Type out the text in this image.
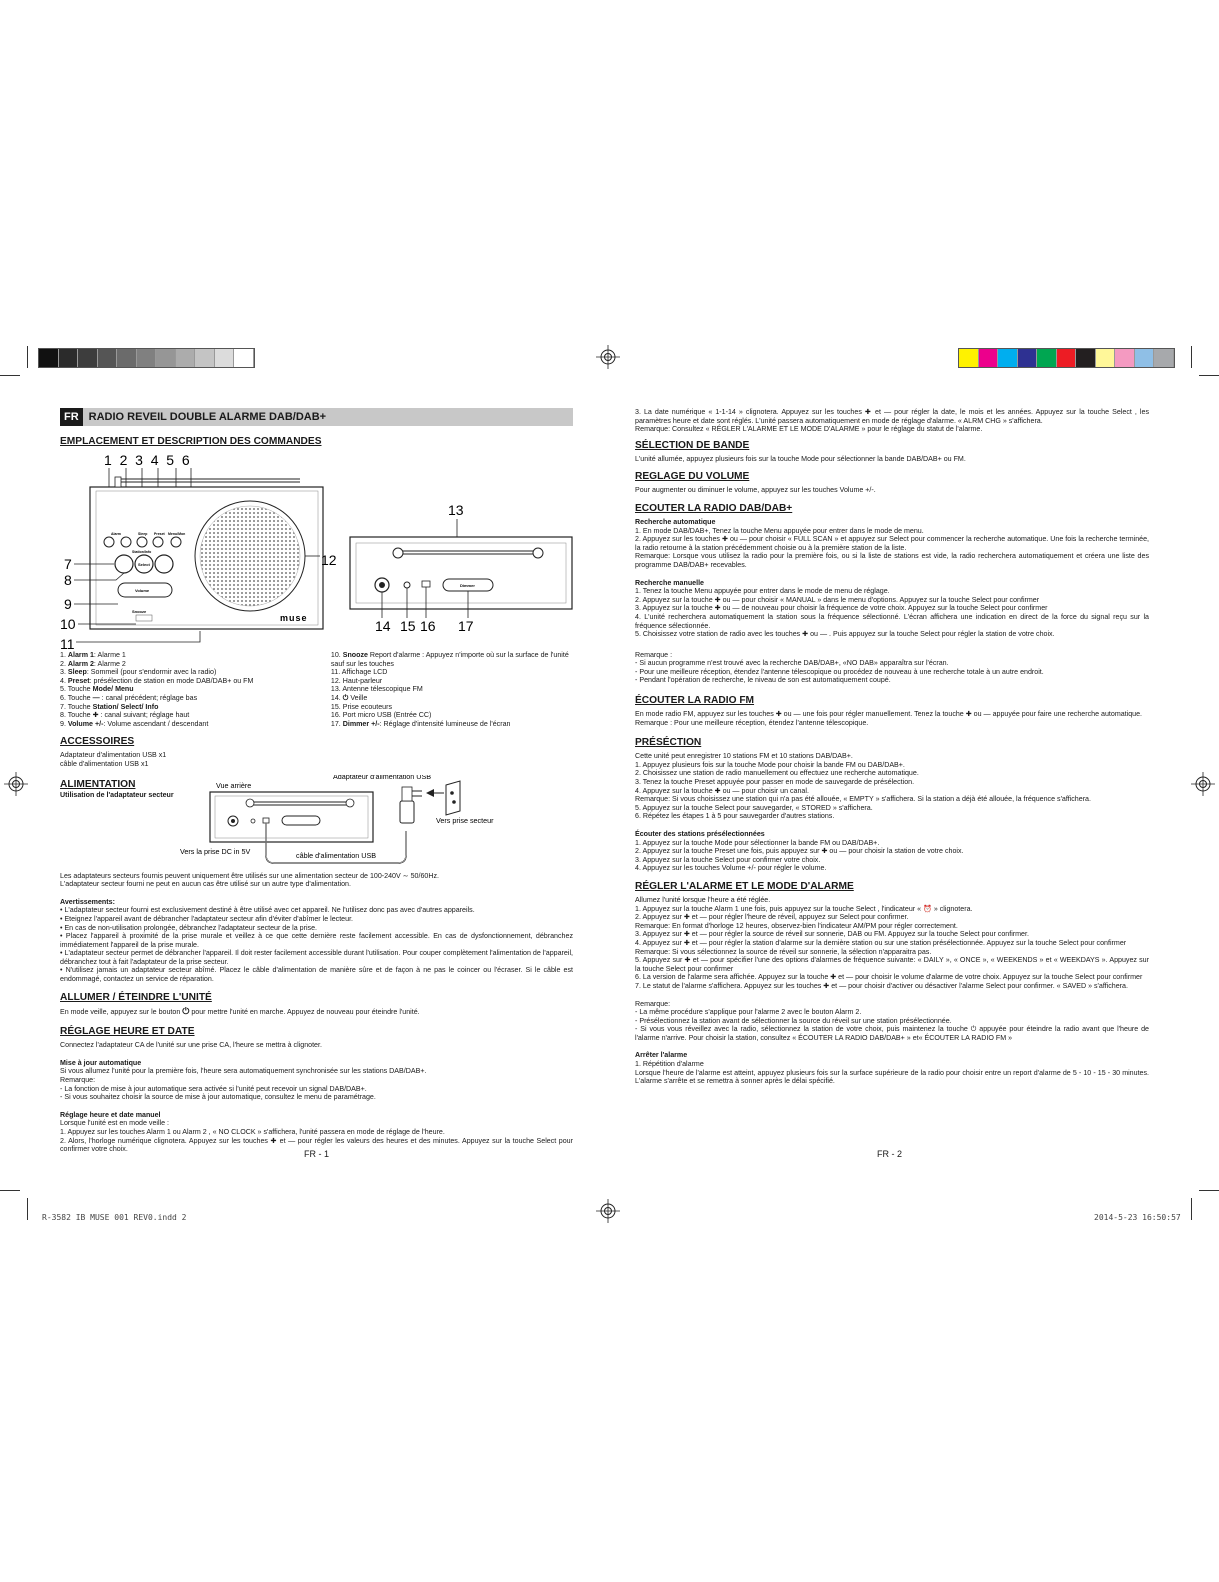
R-3582 IB MUSE 001 REV0.indd 2	2014-5-23 16:50:57
FR RADIO REVEIL DOUBLE ALARME DAB/DAB+
EMPLACEMENT ET DESCRIPTION DES COMMANDES
1  2  3  4  5  6
Alarm	Sleep Preset Menu/Mon
Station/Info
Select
Volume
Snooze
muse
7
8
9
10
11
12
13
Dimmer
14 15 16 17

1. Alarm 1: Alarme 1

2. Alarm 2: Alarme 2

3. Sleep: Sommeil (pour s'endormir avec la radio)

4. Preset: présélection de station en mode DAB/DAB+ ou FM

5. Touche Mode/ Menu

6. Touche — : canal précédent; réglage bas

7. Touche Station/ Select/ Info

8. Touche ✚ : canal suivant; réglage haut

9. Volume +/-: Volume ascendant / descendant

10. Snooze Report d'alarme : Appuyez n'importe où sur la surface de l'unité sauf sur les touches

11. Affichage LCD

12. Haut-parleur

13. Antenne télescopique FM

14. ⏻ Veille

15. Prise ecouteurs

16. Port micro USB (Entrée CC)

17. Dimmer +/-: Réglage d'intensité lumineuse de l'écran

ACCESSOIRES

Adaptateur d'alimentation USB x1

câble d'alimentation USB x1

ALIMENTATION
Utilisation de l'adaptateur secteur
Vue arrière
Adaptateur d'alimentation USB
Vers prise secteur
Vers la prise DC in 5V	câble d'alimentation USB

Les adaptateurs secteurs fournis peuvent uniquement être utilisés sur une alimentation secteur de 100-240V ∼ 50/60Hz.

L'adaptateur secteur fourni ne peut en aucun cas être utilisé sur un autre type d'alimentation.

Avertissements:

• L'adaptateur secteur fourni est exclusivement destiné à être utilisé avec cet appareil. Ne l'utilisez donc pas avec d'autres appareils.

• Eteignez l'appareil avant de débrancher l'adaptateur secteur afin d'éviter d'abîmer le lecteur.

• En cas de non-utilisation prolongée, débranchez l'adaptateur secteur de la prise.

• Placez l'appareil à proximité de la prise murale et veillez à ce que cette dernière reste facilement accessible. En cas de dysfonctionnement, débranchez immédiatement l'appareil de la prise murale.

• L'adaptateur secteur permet de débrancher l'appareil. Il doit rester facilement accessible durant l'utilisation. Pour couper complètement l'alimentation de l'appareil, débranchez tout à fait l'adaptateur de la prise secteur.

• N'utilisez jamais un adaptateur secteur abîmé. Placez le câble d'alimentation de manière sûre et de façon à ne pas le coincer ou l'écraser. Si le câble est endommagé, contactez un service de réparation.

ALLUMER / ÉTEINDRE L'UNITÉ

En mode veille, appuyez sur le bouton ⏻ pour mettre l'unité en marche. Appuyez de nouveau pour éteindre l'unité.

RÉGLAGE HEURE ET DATE

Connectez l'adaptateur CA de l'unité sur une prise CA, l'heure se mettra à clignoter.

Mise à jour automatique

Si vous allumez l'unité pour la première fois, l'heure sera automatiquement synchronisée sur les stations DAB/DAB+.

Remarque:

- La fonction de mise à jour automatique sera activée si l'unité peut recevoir un signal DAB/DAB+.

- Si vous souhaitez choisir la source de mise à jour automatique, consultez le menu de paramétrage.

Réglage heure et date manuel

Lorsque l'unité est en mode veille :

1. Appuyez sur les touches Alarm 1 ou Alarm 2 , « NO CLOCK » s'affichera, l'unité passera en mode de réglage de l'heure.

2. Alors, l'horloge numérique clignotera. Appuyez sur les touches ✚ et — pour régler les valeurs des heures et des minutes. Appuyez sur la touche Select pour confirmer votre choix.	FR - 1

3. La date numérique « 1-1-14 » clignotera. Appuyez sur les touches ✚ et — pour régler la date, le mois et les années. Appuyez sur la touche Select , les paramètres heure et date sont réglés. L'unité passera automatiquement en mode de réglage d'alarme. « ALRM CHG » s'affichera.

Remarque: Consultez « RÉGLER L'ALARME ET LE MODE D'ALARME » pour le réglage du statut de l'alarme.

SÉLECTION DE BANDE

L'unité allumée, appuyez plusieurs fois sur la touche Mode pour sélectionner la bande DAB/DAB+ ou FM.

REGLAGE DU VOLUME

Pour augmenter ou diminuer le volume, appuyez sur les touches Volume +/-.

ECOUTER LA RADIO DAB/DAB+
Recherche automatique

1. En mode DAB/DAB+, Tenez la touche Menu appuyée pour entrer dans le mode de menu.

2. Appuyez sur les touches ✚ ou — pour choisir « FULL SCAN » et appuyez sur Select pour commencer la recherche automatique. Une fois la recherche terminée, la radio retourne à la station précédemment choisie ou à la première station de la liste.

Remarque: Lorsque vous utilisez la radio pour la première fois, ou si la liste de stations est vide, la radio recherchera automatiquement et créera une liste des programme DAB/DAB+ recevables.

Recherche manuelle

1. Tenez la touche Menu appuyée pour entrer dans le mode de menu de réglage.

2. Appuyez sur la touche ✚ ou — pour choisir « MANUAL » dans le menu d'options. Appuyez sur la touche Select pour confirmer

3. Appuyez sur la touche ✚ ou — de nouveau pour choisir la fréquence de votre choix. Appuyez sur la touche Select pour confirmer

4. L'unité recherchera automatiquement la station sous la fréquence sélectionné. L'écran affichera une indication en direct de la force du signal reçu sur la fréquence sélectionnée.

5. Choisissez votre station de radio avec les touches ✚ ou — . Puis appuyez sur la touche Select pour régler la station de votre choix.

Remarque :

- Si aucun programme n'est trouvé avec la recherche DAB/DAB+, «NO DAB» apparaîtra sur l'écran.

- Pour une meilleure réception, étendez l'antenne télescopique ou procédez de nouveau à une recherche totale à un autre endroit.

- Pendant l'opération de recherche, le niveau de son est automatiquement coupé.

ÉCOUTER LA RADIO FM

En mode radio FM, appuyez sur les touches ✚ ou — une fois pour régler manuellement. Tenez la touche ✚ ou — appuyée pour faire une recherche automatique.

Remarque : Pour une meilleure réception, étendez l'antenne télescopique.

PRÉSÉCTION

Cette unité peut enregistrer 10 stations FM et 10 stations DAB/DAB+.

1. Appuyez plusieurs fois sur la touche Mode pour choisir la bande FM ou DAB/DAB+.

2. Choisissez une station de radio manuellement ou effectuez une recherche automatique.

3. Tenez la touche Preset appuyée pour passer en mode de sauvegarde de présélection.

4. Appuyez sur la touche ✚ ou — pour choisir un canal.

Remarque: Si vous choisissez une station qui n'a pas été allouée, « EMPTY » s'affichera. Si la station a déjà été allouée, la fréquence s'affichera.

5. Appuyez sur la touche Select pour sauvegarder, « STORED » s'affichera.

6. Répétez les étapes 1 à 5 pour sauvegarder d'autres stations.

Écouter des stations présélectionnées

1. Appuyez sur la touche Mode pour sélectionner la bande FM ou DAB/DAB+.

2. Appuyez sur la touche Preset une fois, puis appuyez sur ✚ ou — pour choisir la station de votre choix.

3. Appuyez sur la touche Select pour confirmer votre choix.

4. Appuyez sur les touches Volume +/- pour régler le volume.

RÉGLER L'ALARME ET LE MODE D'ALARME

Allumez l'unité lorsque l'heure a été réglée.

1. Appuyez sur la touche Alarm 1 une fois, puis appuyez sur la touche Select , l'indicateur « ⏰ » clignotera.

2. Appuyez sur ✚ et — pour régler l'heure de réveil, appuyez sur Select pour confirmer.

Remarque: En format d'horloge 12 heures, observez-bien l'indicateur AM/PM pour régler correctement.

3. Appuyez sur ✚ et — pour régler la source de réveil sur sonnerie, DAB ou FM. Appuyez sur la touche Select pour confirmer.

4. Appuyez sur ✚ et — pour régler la station d'alarme sur la dernière station ou sur une station présélectionnée. Appuyez sur la touche Select pour confirmer

Remarque: Si vous sélectionnez la source de réveil sur sonnerie, la sélection n'apparaitra pas.

5. Appuyez sur ✚ et — pour spécifier l'une des options d'alarmes de fréquence suivante: « DAILY », « ONCE », « WEEKENDS » et « WEEKDAYS ». Appuyez sur la touche Select pour confirmer

6. La version de l'alarme sera affichée. Appuyez sur la touche ✚ et — pour choisir le volume d'alarme de votre choix. Appuyez sur la touche Select pour confirmer

7. Le statut de l'alarme s'affichera. Appuyez sur les touches ✚ et — pour choisir d'activer ou désactiver l'alarme Select pour confirmer. « SAVED » s'affichera.

Remarque:

- La même procédure s'applique pour l'alarme 2 avec le bouton Alarm 2.

- Présélectionnez la station avant de sélectionner la source du réveil sur une station présélectionnée.

- Si vous vous réveillez avec la radio, sélectionnez la station de votre choix, puis maintenez la touche ⏻ appuyée pour éteindre la radio avant que l'heure de l'alarme n'arrive. Pour choisir la station, consultez « ÉCOUTER LA RADIO DAB/DAB+ » et« ÉCOUTER LA RADIO FM »

Arrêter l'alarme

1. Répétition d'alarme

Lorsque l'heure de l'alarme est atteint, appuyez plusieurs fois sur la surface supérieure de la radio pour choisir entre un report d'alarme de 5 - 10 - 15 - 30 minutes. L'alarme s'arrête et se remettra à sonner après le délai spécifié.

FR - 2
